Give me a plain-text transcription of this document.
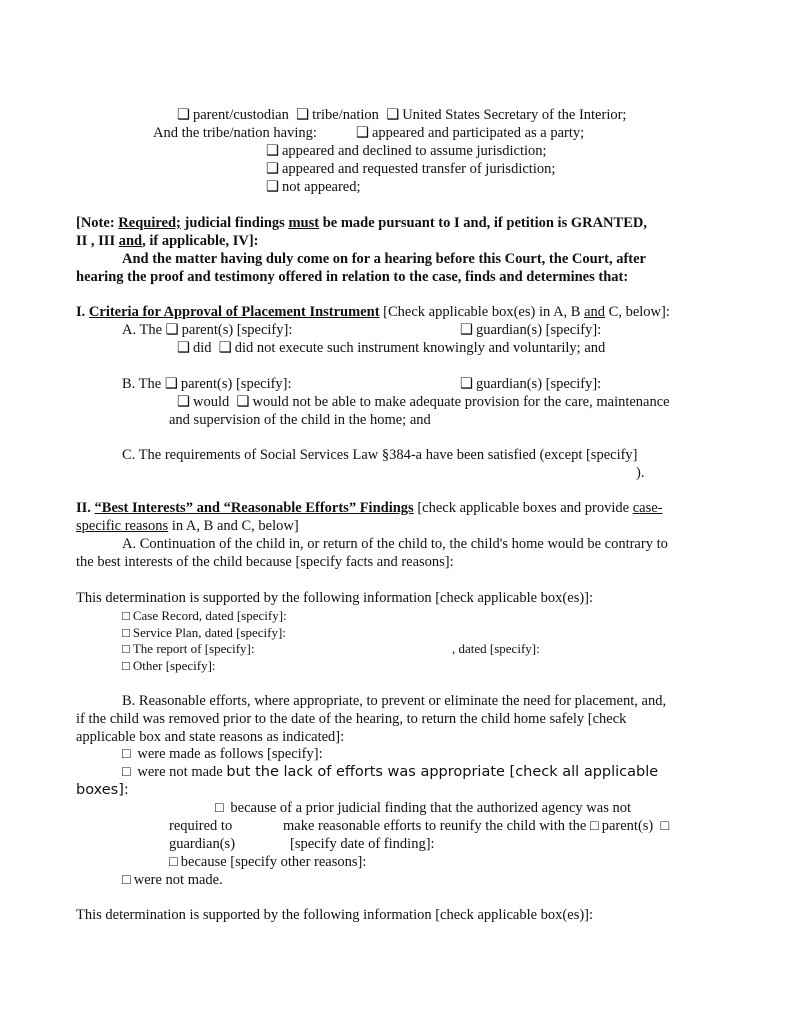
❑ parent/custodian ❑ tribe/nation ❑ United States Secretary of the Interior;
And the tribe/nation having:	❑ appeared and participated as a party;
❑ appeared and declined to assume jurisdiction;
❑ appeared and requested transfer of jurisdiction;
❑ not appeared;
[Note: Required; judicial findings must be made pursuant to I and, if petition is GRANTED,
II , III and, if applicable, IV]:
And the matter having duly come on for a hearing before this Court, the Court, after
hearing the proof and testimony offered in relation to the case, finds and determines that:
I. Criteria for Approval of Placement Instrument [Check applicable box(es) in A, B and C, below]:
A. The ❑ parent(s) [specify]:	❑ guardian(s) [specify]:
❑ did ❑ did not execute such instrument knowingly and voluntarily; and
B. The ❑ parent(s) [specify]:	❑ guardian(s) [specify]:
❑ would ❑ would not be able to make adequate provision for the care, maintenance
and supervision of the child in the home; and
C. The requirements of Social Services Law §384-a have been satisfied (except [specify]
).
II. “Best Interests” and “Reasonable Efforts” Findings [check applicable boxes and provide case-
specific reasons in A, B and C, below]
A. Continuation of the child in, or return of the child to, the child's home would be contrary to
the best interests of the child because [specify facts and reasons]:
This determination is supported by the following information [check applicable box(es)]:
□ Case Record, dated [specify]:
□ Service Plan, dated [specify]:
□ The report of [specify]:	, dated [specify]:
□ Other [specify]:
B. Reasonable efforts, where appropriate, to prevent or eliminate the need for placement, and,
if the child was removed prior to the date of the hearing, to return the child home safely [check
applicable box and state reasons as indicated]:
□ were made as follows [specify]:
□ were not made but the lack of efforts was appropriate [check all applicable
boxes]:
□ because of a prior judicial finding that the authorized agency was not
required to	make reasonable efforts to reunify the child with the □ parent(s) □
guardian(s)	[specify date of finding]:
□ because [specify other reasons]:
□ were not made.
This determination is supported by the following information [check applicable box(es)]:
